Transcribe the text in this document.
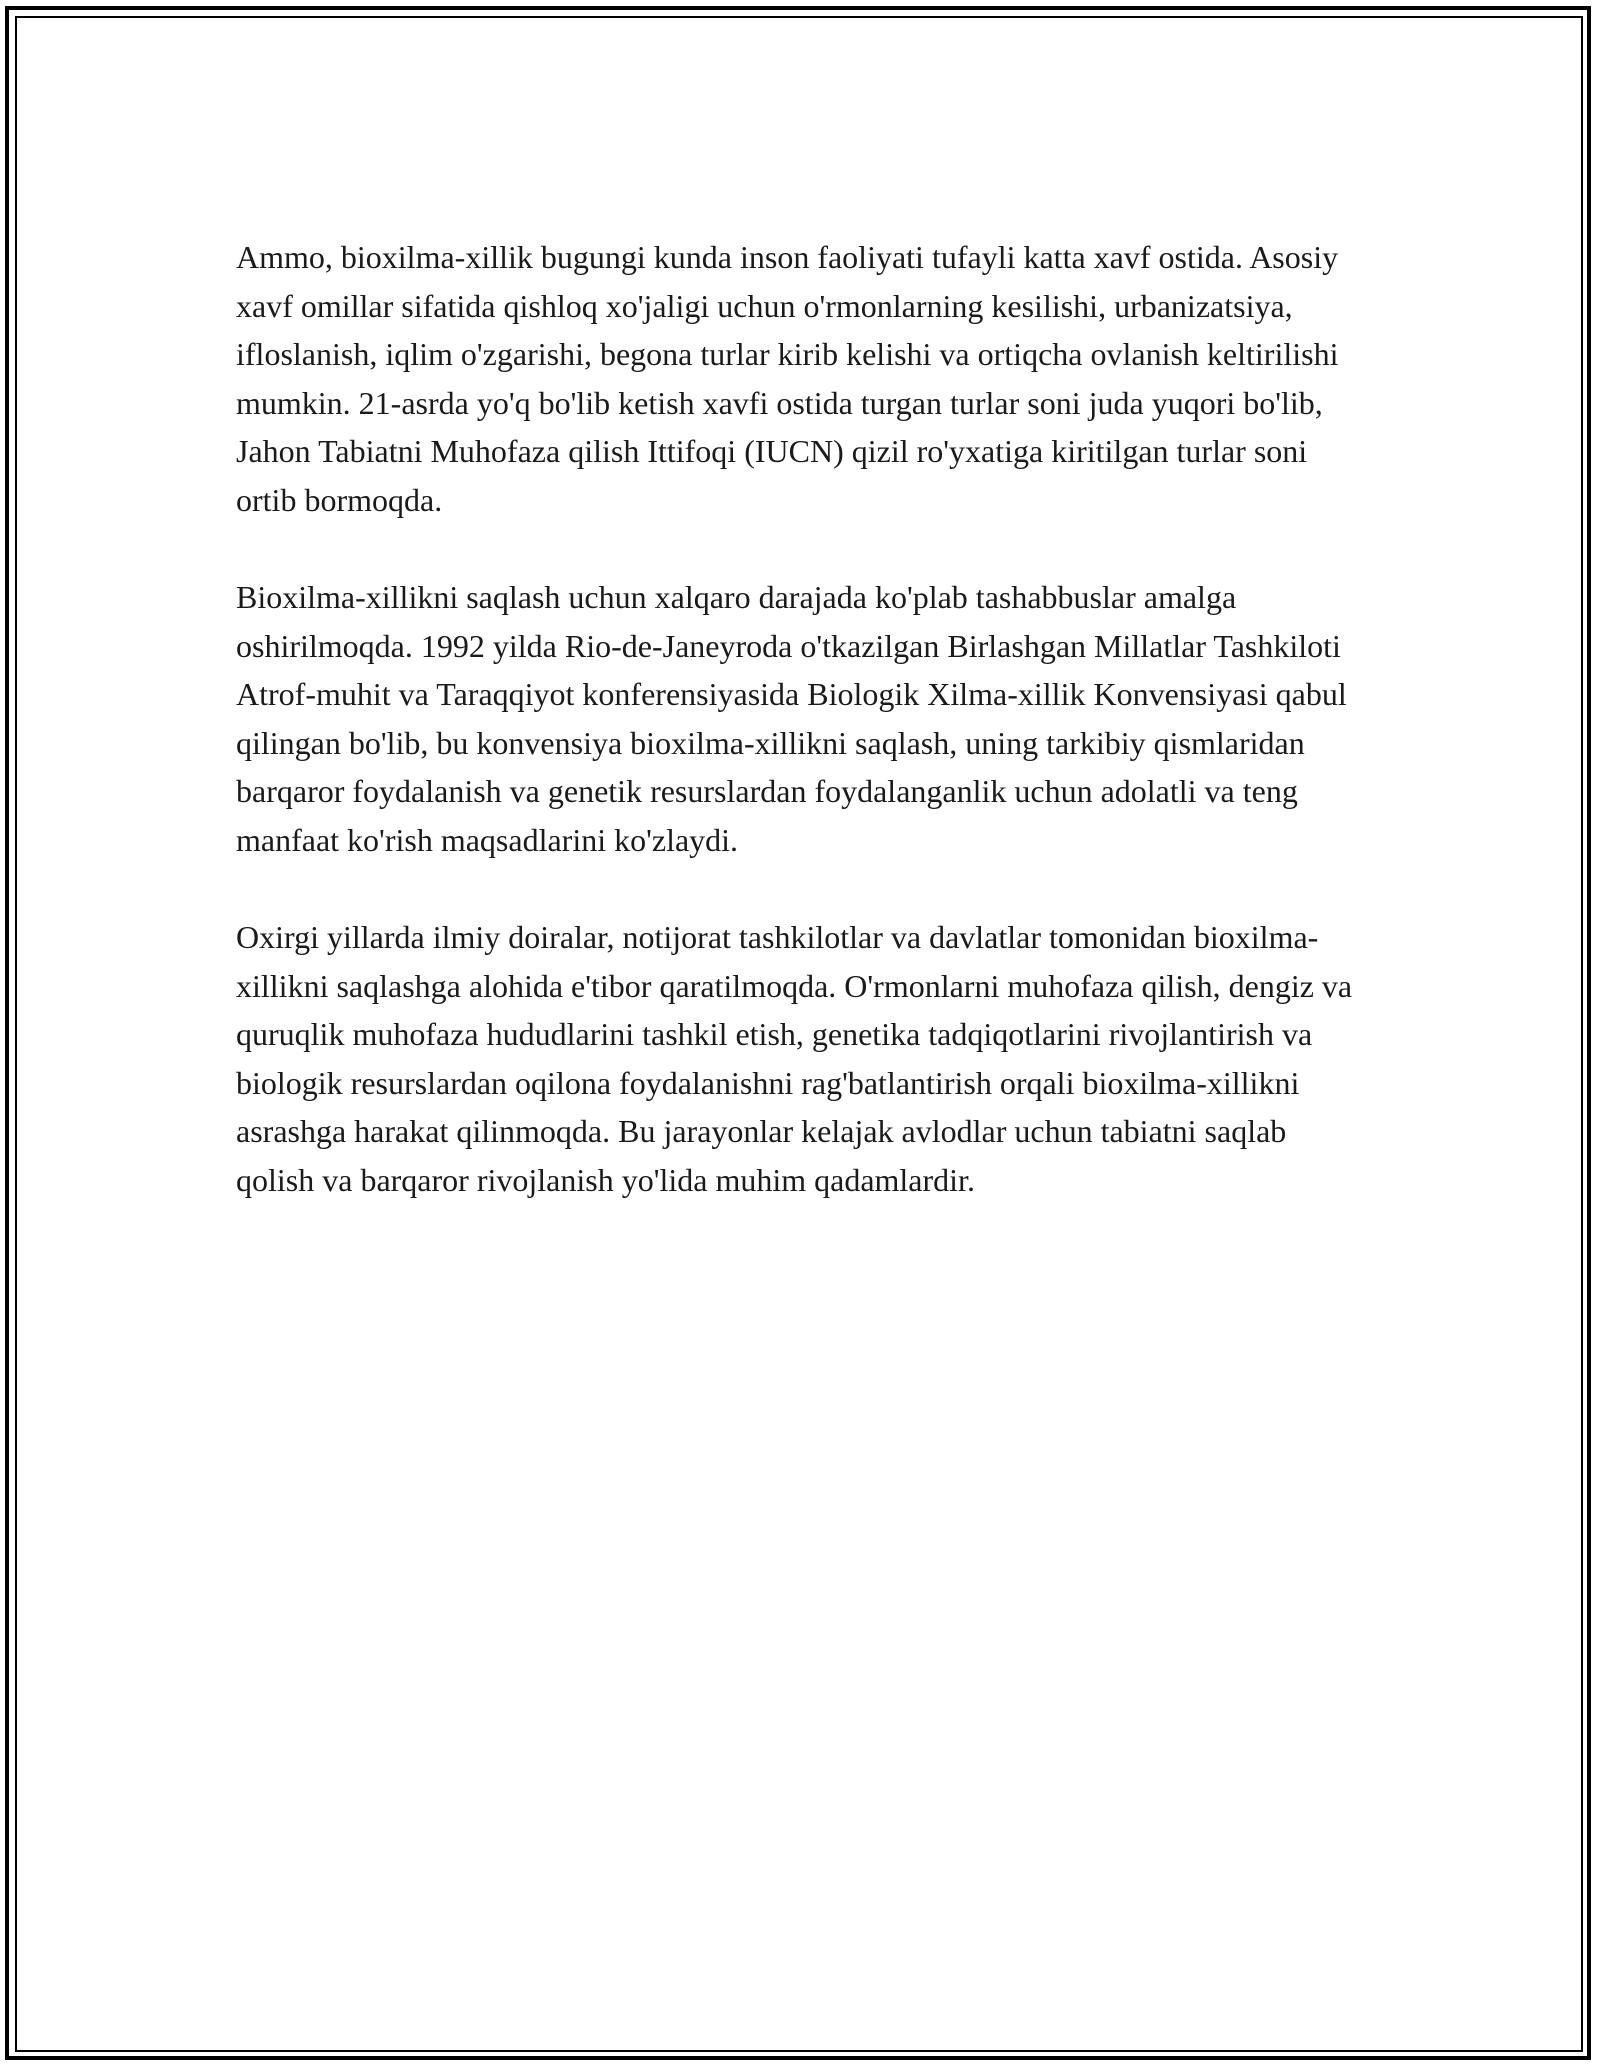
Ammo, bioxilma-xillik bugungi kunda inson faoliyati tufayli katta xavf ostida. Asosiy xavf omillar sifatida qishloq xo'jaligi uchun o'rmonlarning kesilishi, urbanizatsiya, ifloslanish, iqlim o'zgarishi, begona turlar kirib kelishi va ortiqcha ovlanish keltirilishi mumkin. 21-asrda yo'q bo'lib ketish xavfi ostida turgan turlar soni juda yuqori bo'lib, Jahon Tabiatni Muhofaza qilish Ittifoqi (IUCN) qizil ro'yxatiga kiritilgan turlar soni ortib bormoqda.

Bioxilma-xillikni saqlash uchun xalqaro darajada ko'plab tashabbuslar amalga oshirilmoqda. 1992 yilda Rio-de-Janeyroda o'tkazilgan Birlashgan Millatlar Tashkiloti Atrof-muhit va Taraqqiyot konferensiyasida Biologik Xilma-xillik Konvensiyasi qabul qilingan bo'lib, bu konvensiya bioxilma-xillikni saqlash, uning tarkibiy qismlaridan barqaror foydalanish va genetik resurslardan foydalanganlik uchun adolatli va teng manfaat ko'rish maqsadlarini ko'zlaydi.

Oxirgi yillarda ilmiy doiralar, notijorat tashkilotlar va davlatlar tomonidan bioxilma-xillikni saqlashga alohida e'tibor qaratilmoqda. O'rmonlarni muhofaza qilish, dengiz va quruqlik muhofaza hududlarini tashkil etish, genetika tadqiqotlarini rivojlantirish va biologik resurslardan oqilona foydalanishni rag'batlantirish orqali bioxilma-xillikni asrashga harakat qilinmoqda. Bu jarayonlar kelajak avlodlar uchun tabiatni saqlab qolish va barqaror rivojlanish yo'lida muhim qadamlardir.
